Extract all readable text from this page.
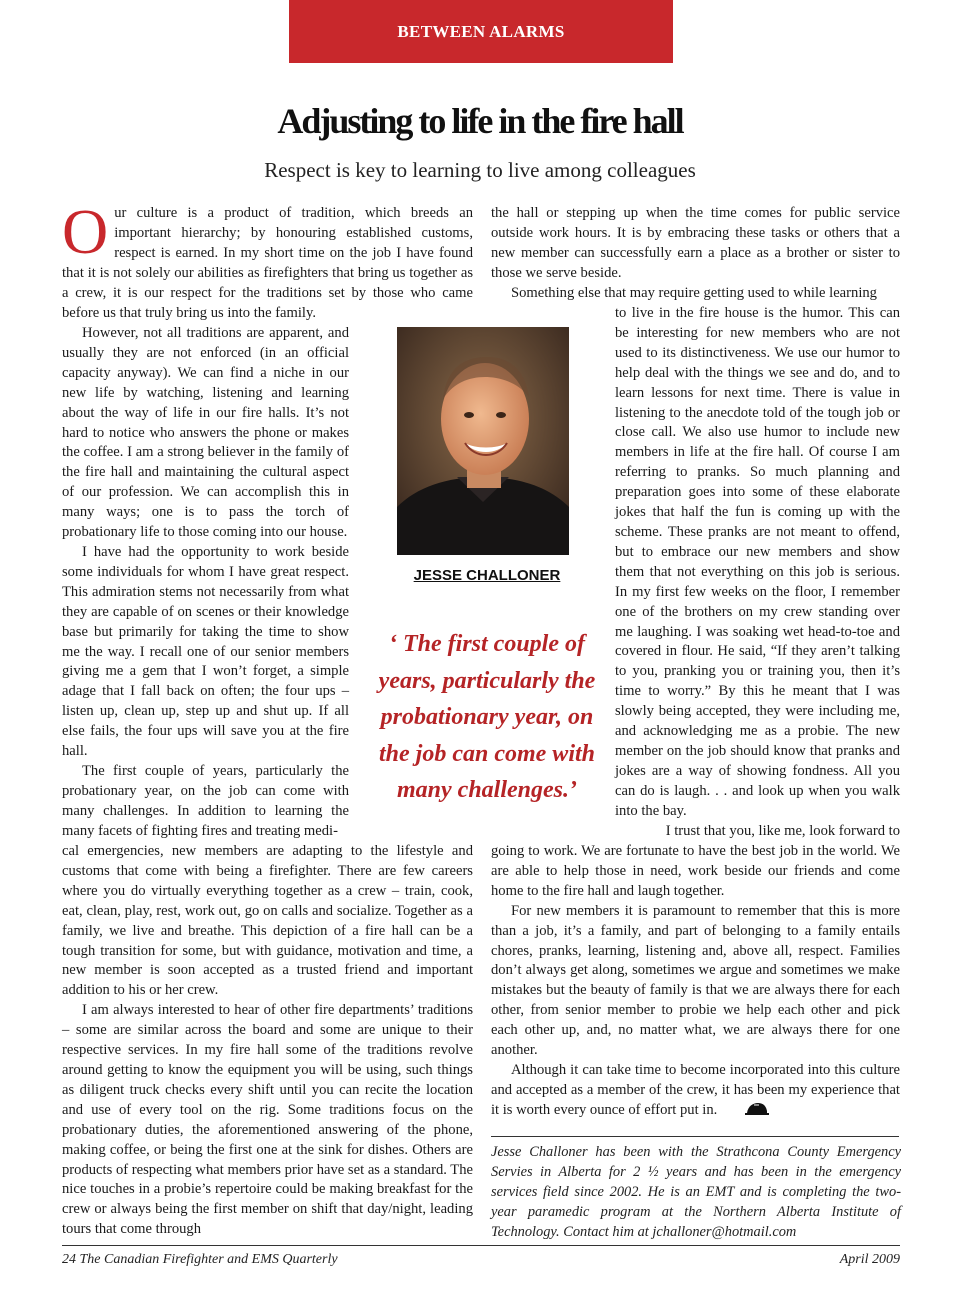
BETWEEN ALARMS
Adjusting to life in the fire hall
Respect is key to learning to live among colleagues

Our culture is a product of tradition, which breeds an important hierarchy; by honouring established customs, respect is earned. In my short time on the job I have found that it is not solely our abilities as firefighters that bring us together as a crew, it is our respect for the traditions set by those who came before us that truly bring us into the family.

However, not all traditions are apparent, and usually they are not enforced (in an official capacity anyway). We can find a niche in our new life by watching, listening and learning about the way of life in our fire halls. It’s not hard to notice who answers the phone or makes the coffee. I am a strong believer in the family of the fire hall and maintaining the cultural aspect of our profession. We can accomplish this in many ways; one is to pass the torch of probationary life to those coming into our house.

I have had the opportunity to work beside some individuals for whom I have great respect. This admiration stems not necessarily from what they are capable of on scenes or their knowledge base but primarily for taking the time to show me the way. I recall one of our senior members giving me a gem that I won’t forget, a simple adage that I fall back on often; the four ups – listen up, clean up, step up and shut up. If all else fails, the four ups will save you at the fire hall.

The first couple of years, particularly the probationary year, on the job can come with many challenges. In addition to learning the many facets of fighting fires and treating medi-

cal emergencies, new members are adapting to the lifestyle and customs that come with being a firefighter. There are few careers where you do virtually everything together as a crew – train, cook, eat, clean, play, rest, work out, go on calls and socialize. Together as a family, we live and breathe. This depiction of a fire hall can be a tough transition for some, but with guidance, motivation and time, a new member is soon accepted as a trusted friend and important addition to his or her crew.

I am always interested to hear of other fire departments’ traditions – some are similar across the board and some are unique to their respective services. In my fire hall some of the traditions revolve around getting to know the equipment you will be using, such things as diligent truck checks every shift until you can recite the location and use of every tool on the rig. Some traditions focus on the probationary duties, the aforementioned answering of the phone, making coffee, or being the first one at the sink for dishes. Others are products of respecting what members prior have set as a standard. The nice touches in a probie’s repertoire could be making breakfast for the crew or always being the first member on shift that day/night, leading tours that come through

the hall or stepping up when the time comes for public service outside work hours. It is by embracing these tasks or others that a new member can successfully earn a place as a brother or sister to those we serve beside.

Something else that may require getting used to while learning

to live in the fire house is the humor. This can be interesting for new members who are not used to its distinctiveness. We use our humor to help deal with the things we see and do, and to learn lessons for next time. There is value in listening to the anecdote told of the tough job or close call. We also use humor to include new members in life at the fire hall. Of course I am referring to pranks. So much planning and preparation goes into some of these elaborate jokes that half the fun is coming up with the scheme. These pranks are not meant to offend, but to embrace our new members and show them that not everything on this job is serious. In my first few weeks on the floor, I remember one of the brothers on my crew standing over me laughing. I was soaking wet head-to-toe and covered in flour. He said, “If they aren’t talking to you, pranking you or training you, then it’s time to worry.” By this he meant that I was slowly being accepted, they were including me, and acknowledging me as a probie. The new member on the job should know that pranks and jokes are a way of showing fondness. All you can do is laugh. . . and look up when you walk into the bay.

I trust that you, like me, look forward to

going to work. We are fortunate to have the best job in the world. We are able to help those in need, work beside our friends and come home to the fire hall and laugh together.

For new members it is paramount to remember that this is more than a job, it’s a family, and part of belonging to a family entails chores, pranks, learning, listening and, above all, respect. Families don’t always get along, sometimes we argue and sometimes we make mistakes but the beauty of family is that we are always there for each other, from senior member to probie we help each other and pick each other up, and, no matter what, we are always there for one another.

Although it can take time to become incorporated into this culture and accepted as a member of the crew, it has been my experience that it is worth every ounce of effort put in.

JESSE CHALLONER
‘ The first couple of years, particularly the probationary year, on the job can come with many challenges.’
Jesse Challoner has been with the Strathcona County Emergency Servies in Alberta for 2 ½ years and has been in the emergency services field since 2002. He is an EMT and is completing the two-year paramedic program at the Northern Alberta Institute of Technology. Contact him at jchalloner@hotmail.com
24 The Canadian Firefighter and EMS Quarterly	April 2009
